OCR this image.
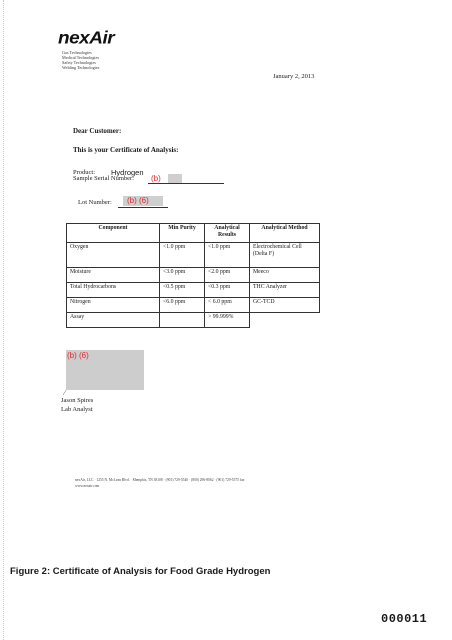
nexAir
Gas Technologies
Medical Technologies
Safety Technologies
Welding Technologies
January 2, 2013
Dear Customer:
This is your Certificate of Analysis:
Product: Hydrogen
Sample Serial Number: (b)
Lot Number: (b) (6)
Component	Min Purity	Analytical Results	Analytical Method
Oxygen	<1.0 ppm	<1.0 ppm	Electrochemical Cell (Delta F)
Moisture	<3.0 ppm	<2.0 ppm	Meeco
Total Hydrocarbons	<0.5 ppm	<0.3 ppm	THC Analyzer
Nitrogen	<6.0 ppm	< 6.0 ppm	GC-TCD
Assay		> 99.999%	
(b) (6)
⁄
Jason Spires
Lab Analyst
nexAir, LLC · 1255 N. McLean Blvd. · Memphis, TN 38108 · (901) 729-5540 · (800) 296-8062 · (901) 729-5575 fax
www.nexair.com
Figure 2: Certificate of Analysis for Food Grade Hydrogen
000011
